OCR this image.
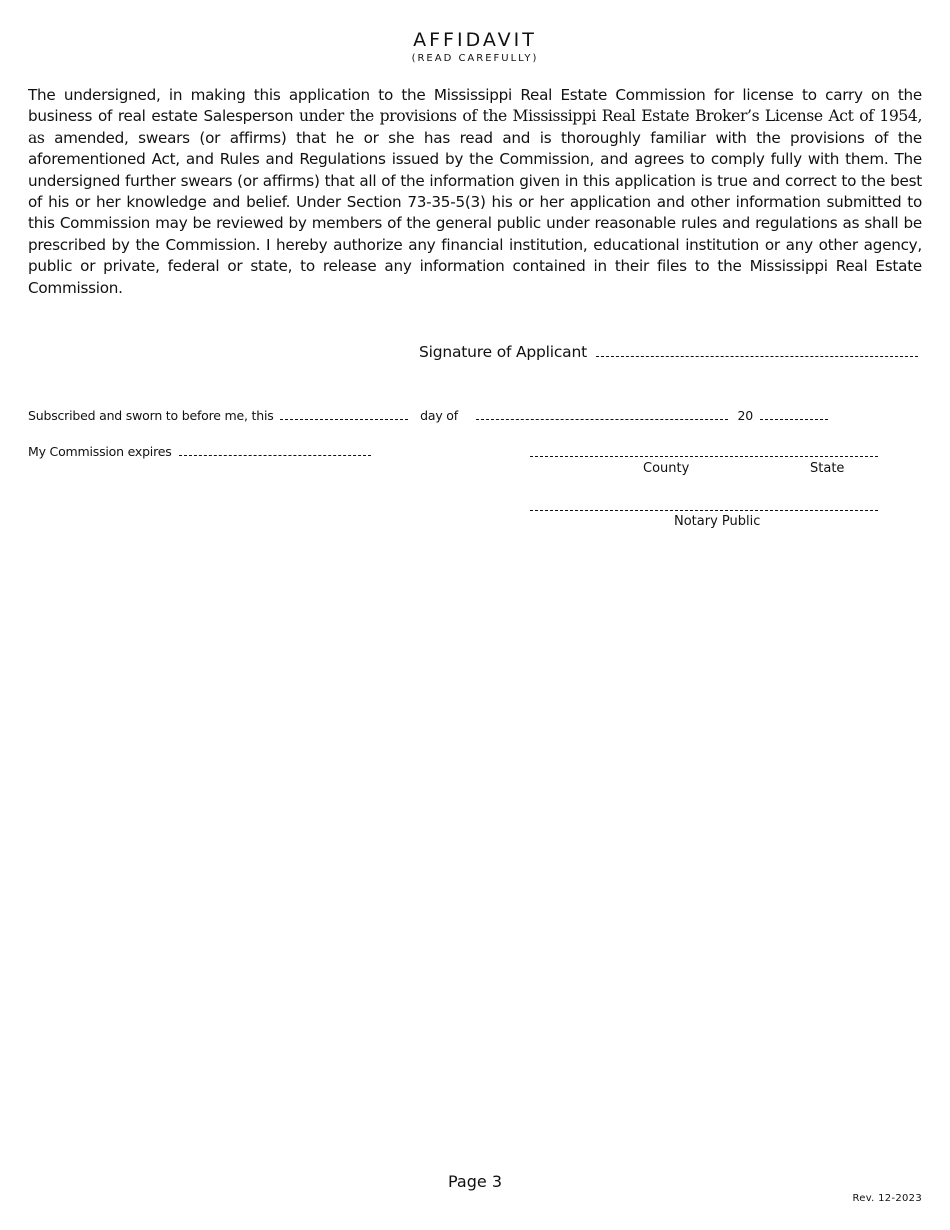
AFFIDAVIT
(READ CAREFULLY)
The undersigned, in making this application to the Mississippi Real Estate Commission for license to carry on the business of real estate Salesperson under the provisions of the Mississippi Real Estate Broker’s License Act of 1954, as amended, swears (or affirms) that he or she has read and is thoroughly familiar with the provisions of the aforementioned Act, and Rules and Regulations issued by the Commission, and agrees to comply fully with them. The undersigned further swears (or affirms) that all of the information given in this application is true and correct to the best of his or her knowledge and belief. Under Section 73-35-5(3) his or her application and other information submitted to this Commission may be reviewed by members of the general public under reasonable rules and regulations as shall be prescribed by the Commission. I hereby authorize any financial institution, educational institution or any other agency, public or private, federal or state, to release any information contained in their files to the Mississippi Real Estate Commission.
Signature of Applicant
Subscribed and sworn to before me, this	day of	20
My Commission expires
County	State
Notary Public
Page 3
Rev. 12-2023
